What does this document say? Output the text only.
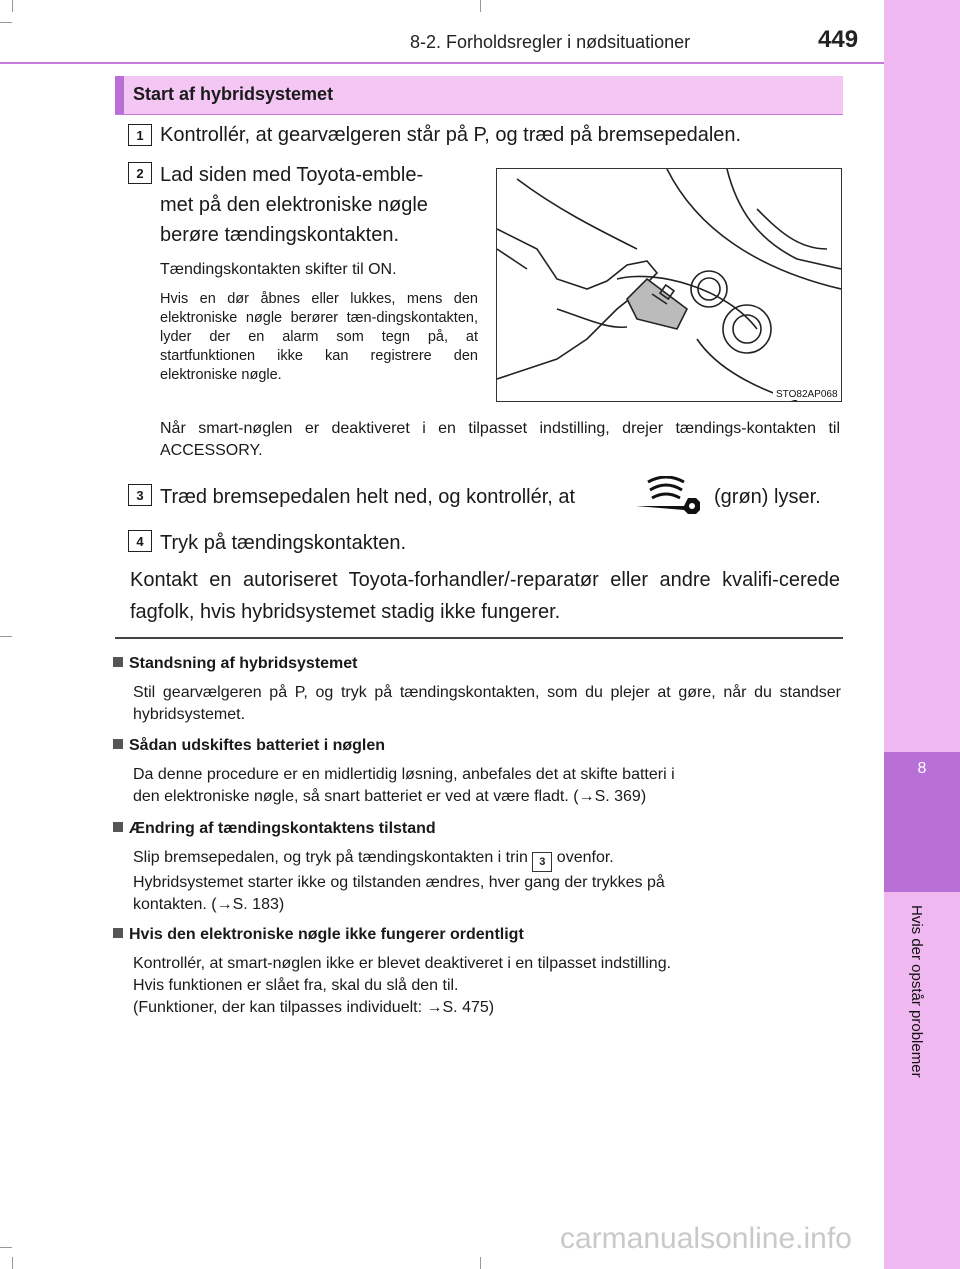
8
Hvis der opstår problemer
8-2. Forholdsregler i nødsituationer	449
Start af hybridsystemet
1 Kontrollér, at gearvælgeren står på P, og træd på bremsepedalen.
2 Lad siden med Toyota-emble-
met på den elektroniske nøgle
berøre tændingskontakten.
Tændingskontakten skifter til ON.
Hvis en dør åbnes eller lukkes, mens den elektroniske nøgle berører tæn-dingskontakten, lyder der en alarm som tegn på, at startfunktionen ikke kan registrere den elektroniske nøgle.
Når smart-nøglen er deaktiveret i en tilpasset indstilling, drejer tændings-kontakten til ACCESSORY.
STO82AP068
3 Træd bremsepedalen helt ned, og kontrollér, at	(grøn) lyser.
4 Tryk på tændingskontakten.
Kontakt en autoriseret Toyota-forhandler/-reparatør eller andre kvalifi-cerede fagfolk, hvis hybridsystemet stadig ikke fungerer.
Standsning af hybridsystemet
Stil gearvælgeren på P, og tryk på tændingskontakten, som du plejer at gøre, når du standser hybridsystemet.
Sådan udskiftes batteriet i nøglen
Da denne procedure er en midlertidig løsning, anbefales det at skifte batteri i
den elektroniske nøgle, så snart batteriet er ved at være fladt. (→S. 369)
Ændring af tændingskontaktens tilstand
Slip bremsepedalen, og tryk på tændingskontakten i trin 3 ovenfor.
Hybridsystemet starter ikke og tilstanden ændres, hver gang der trykkes på
kontakten. (→S. 183)
Hvis den elektroniske nøgle ikke fungerer ordentligt
Kontrollér, at smart-nøglen ikke er blevet deaktiveret i en tilpasset indstilling.
Hvis funktionen er slået fra, skal du slå den til.
(Funktioner, der kan tilpasses individuelt: →S. 475)
carmanualsonline.info
